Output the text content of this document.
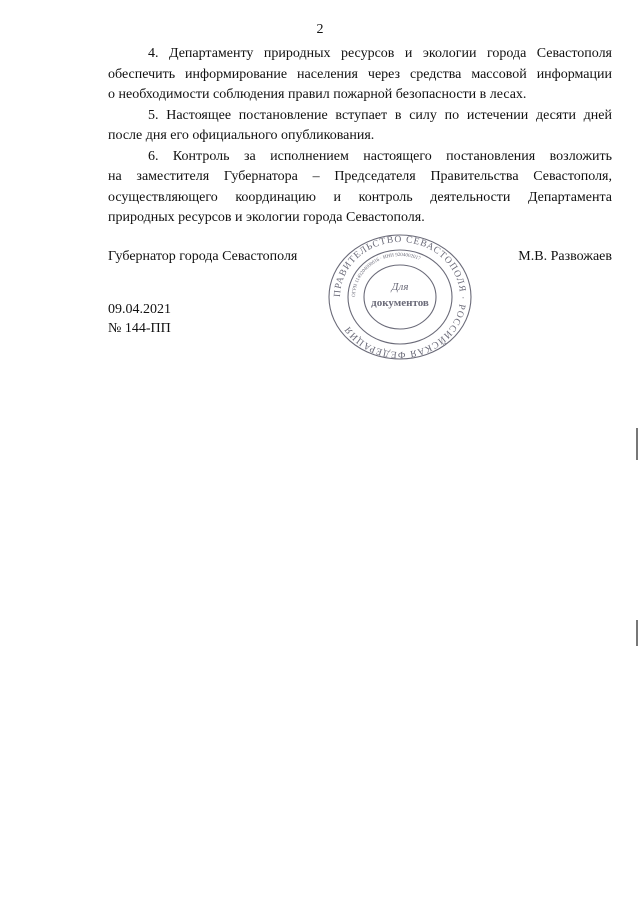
2

4. Департаменту природных ресурсов и экологии города Севастополя
обеспечить информирование населения через средства массовой информации
о необходимости соблюдения правил пожарной безопасности в лесах.

5. Настоящее постановление вступает в силу по истечении десяти дней
после дня его официального опубликования.

6. Контроль за исполнением настоящего постановления возложить
на заместителя Губернатора – Председателя Правительства Севастополя,
осуществляющего координацию и контроль деятельности Департамента
природных ресурсов и экологии города Севастополя.

Губернатор города Севастополя	М.В. Развожаев
ПРАВИТЕЛЬСТВО СЕВАСТОПОЛЯ · РОССИЙСКАЯ ФЕДЕРАЦИЯ
ОГРН 1149204000016 · ИНН 9204002017
Для
документов
09.04.2021
№ 144-ПП
